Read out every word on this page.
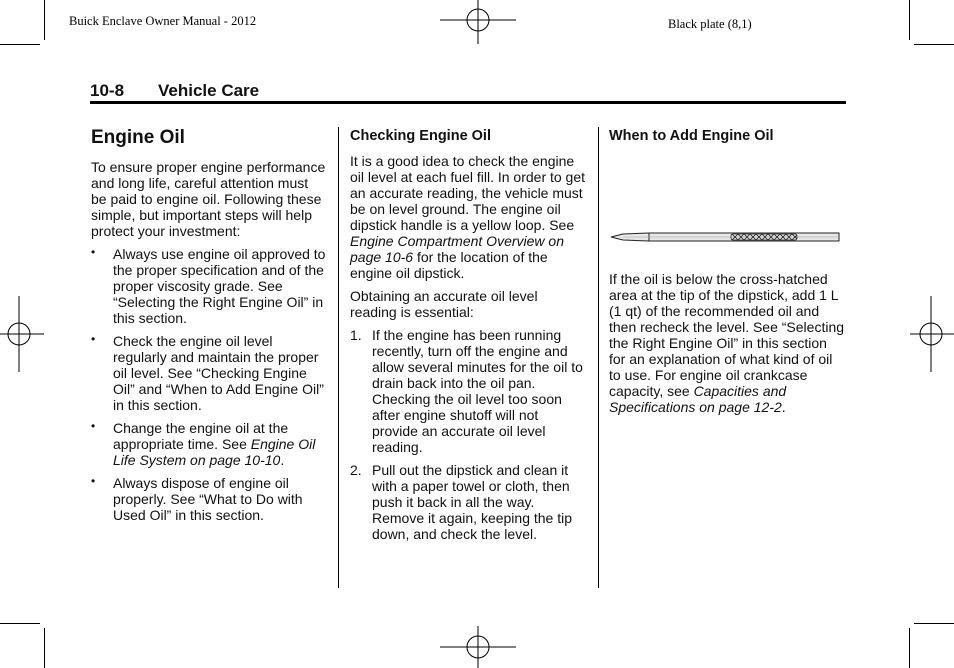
Buick Enclave Owner Manual - 2012	Black plate (8,1)
10-8 Vehicle Care
Engine Oil

To ensure proper engine performance and long life, careful attention must be paid to engine oil. Following these simple, but important steps will help protect your investment:

• Always use engine oil approved to the proper specification and of the proper viscosity grade. See “Selecting the Right Engine Oil” in this section.
• Check the engine oil level regularly and maintain the proper oil level. See “Checking Engine Oil” and “When to Add Engine Oil” in this section.
• Change the engine oil at the appropriate time. See Engine Oil Life System on page 10-10.
• Always dispose of engine oil properly. See “What to Do with Used Oil” in this section.
Checking Engine Oil

It is a good idea to check the engine oil level at each fuel fill. In order to get an accurate reading, the vehicle must be on level ground. The engine oil dipstick handle is a yellow loop. See Engine Compartment Overview on page 10-6 for the location of the engine oil dipstick.

Obtaining an accurate oil level reading is essential:

1. If the engine has been running recently, turn off the engine and allow several minutes for the oil to drain back into the oil pan. Checking the oil level too soon after engine shutoff will not provide an accurate oil level reading.
2. Pull out the dipstick and clean it with a paper towel or cloth, then push it back in all the way. Remove it again, keeping the tip down, and check the level.
When to Add Engine Oil

If the oil is below the cross-hatched area at the tip of the dipstick, add 1 L (1 qt) of the recommended oil and then recheck the level. See “Selecting the Right Engine Oil” in this section for an explanation of what kind of oil to use. For engine oil crankcase capacity, see Capacities and Specifications on page 12-2.
